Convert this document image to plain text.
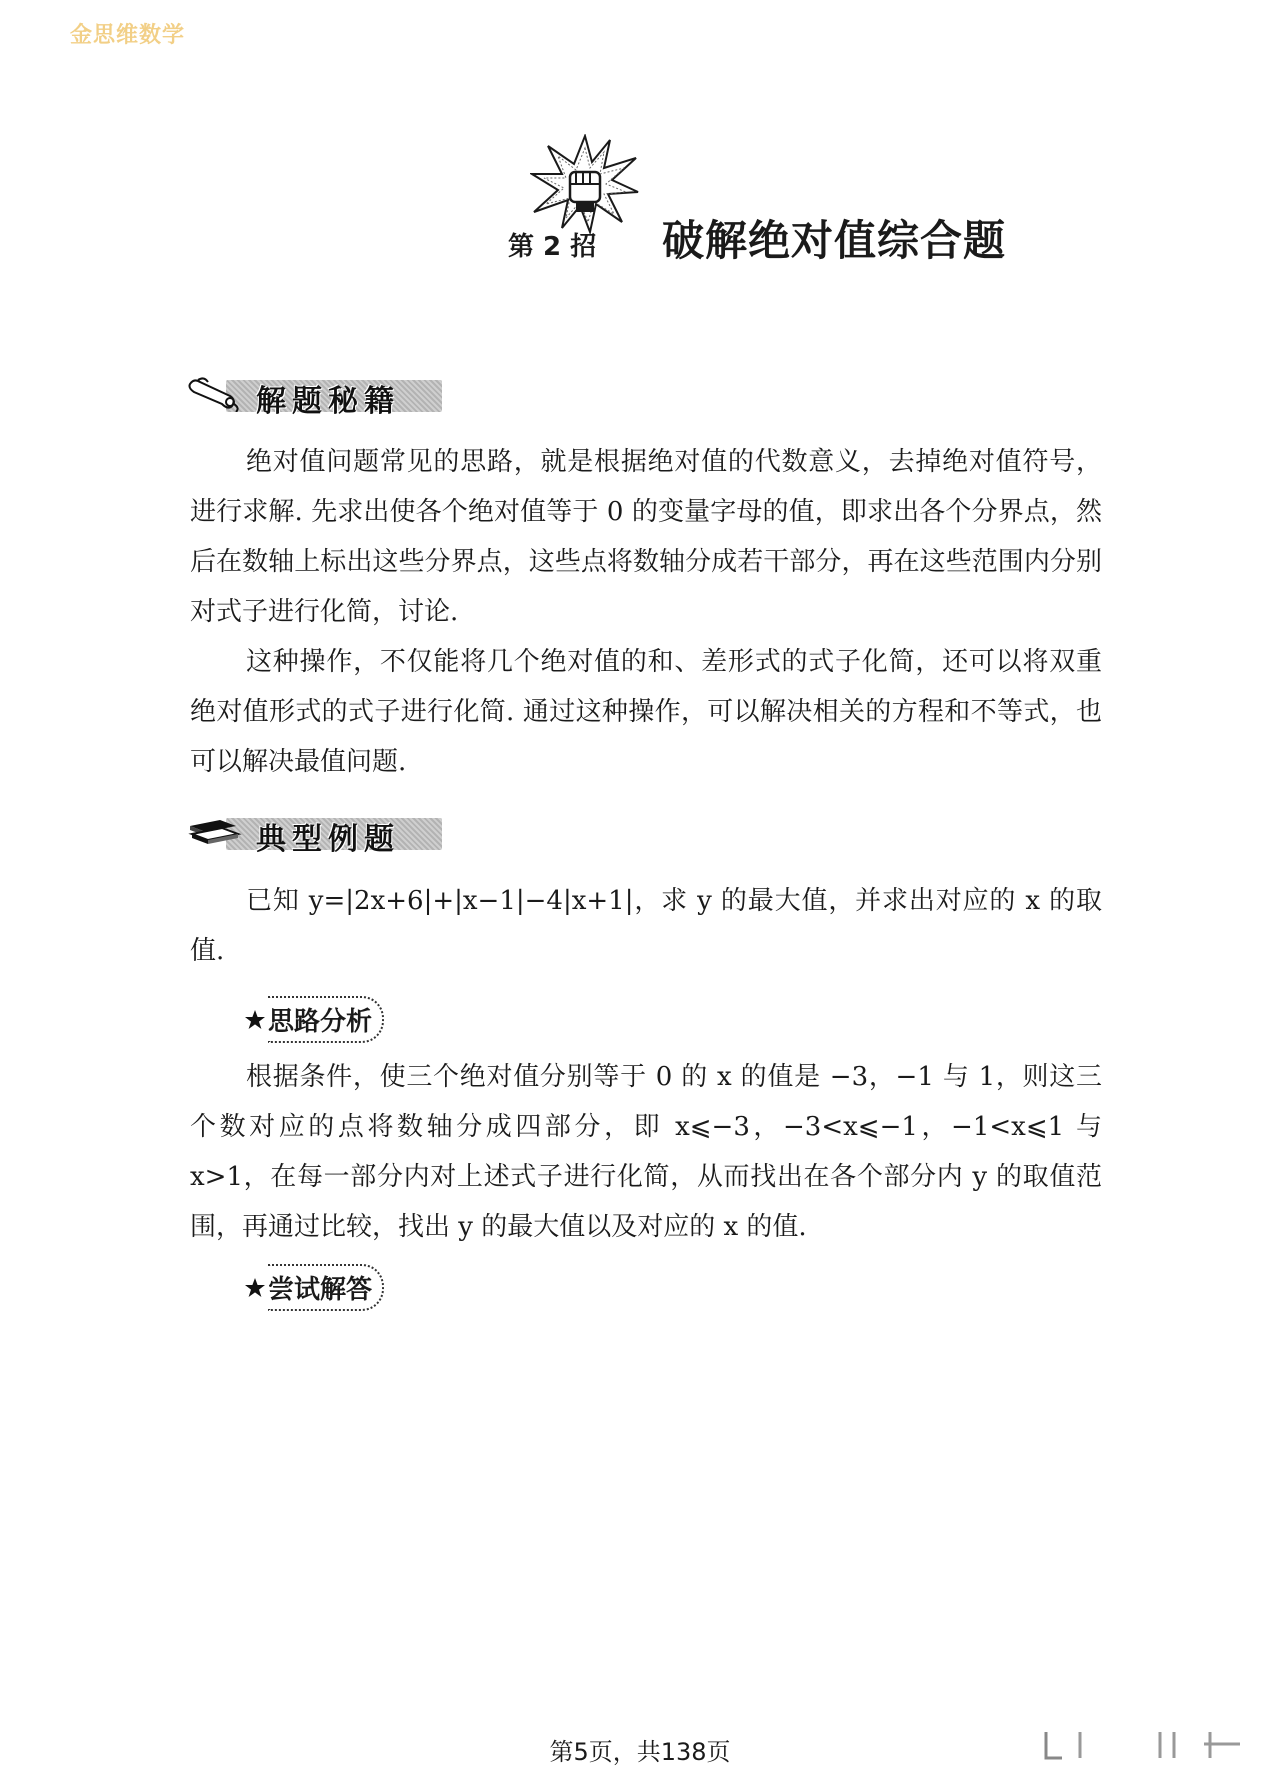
金思维数学
第 2 招 破解绝对值综合题
解题秘籍

绝对值问题常见的思路，就是根据绝对值的代数意义，去掉绝对值符号，进行求解. 先求出使各个绝对值等于 0 的变量字母的值，即求出各个分界点，然后在数轴上标出这些分界点，这些点将数轴分成若干部分，再在这些范围内分别对式子进行化简，讨论.

这种操作，不仅能将几个绝对值的和、差形式的式子化简，还可以将双重绝对值形式的式子进行化简. 通过这种操作，可以解决相关的方程和不等式，也可以解决最值问题.

典型例题

已知 y=|2x+6|+|x−1|−4|x+1|，求 y 的最大值，并求出对应的 x 的取值.

思路分析

根据条件，使三个绝对值分别等于 0 的 x 的值是 −3，−1 与 1，则这三个数对应的点将数轴分成四部分，即 x⩽−3，−3<x⩽−1，−1<x⩽1 与 x>1，在每一部分内对上述式子进行化简，从而找出在各个部分内 y 的取值范围，再通过比较，找出 y 的最大值以及对应的 x 的值.

尝试解答
第5页，共138页
